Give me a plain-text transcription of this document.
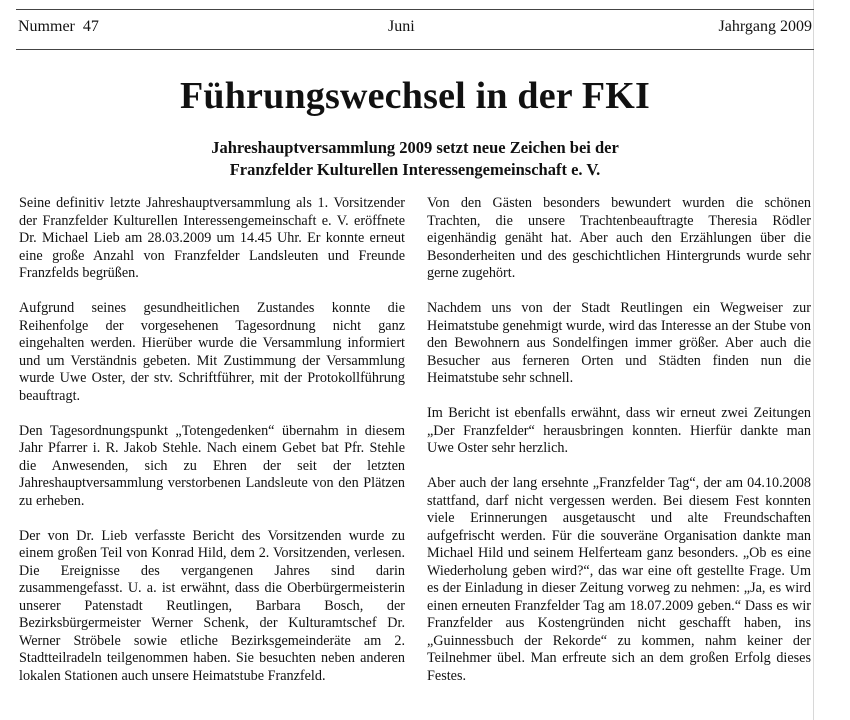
Nummer  47	Juni	Jahrgang 2009
Führungswechsel in der FKI
Jahreshauptversammlung 2009 setzt neue Zeichen bei der
Franzfelder Kulturellen Interessengemeinschaft e. V.

Seine definitiv letzte Jahreshauptversammlung als 1. Vorsitzender der Franzfelder Kulturellen Interessengemeinschaft e. V. eröffnete Dr. Michael Lieb am 28.03.2009 um 14.45 Uhr. Er konnte erneut eine große Anzahl von Franzfelder Landsleuten und Freunde Franzfelds begrüßen.

Aufgrund seines gesundheitlichen Zustandes konnte die Reihenfolge der vorgesehenen Tagesordnung nicht ganz eingehalten werden. Hierüber wurde die Versammlung informiert und um Verständnis gebeten. Mit Zustimmung der Versammlung wurde Uwe Oster, der stv. Schriftführer, mit der Protokollführung beauftragt.

Den Tagesordnungspunkt „Totengedenken“ übernahm in diesem Jahr Pfarrer i. R. Jakob Stehle. Nach einem Gebet bat Pfr. Stehle die Anwesenden, sich zu Ehren der seit der letzten Jahreshauptversammlung verstorbenen Landsleute von den Plätzen zu erheben.

Der von Dr. Lieb verfasste Bericht des Vorsitzenden wurde zu einem großen Teil von Konrad Hild, dem 2. Vorsitzenden, verlesen. Die Ereignisse des vergangenen Jahres sind darin zusammengefasst. U. a. ist erwähnt, dass die Oberbürgermeisterin unserer Patenstadt Reutlingen, Barbara Bosch, der Bezirksbürgermeister Werner Schenk, der Kulturamtschef Dr. Werner Ströbele sowie etliche Bezirksgemeinderäte am 2. Stadtteilradeln teilgenommen haben. Sie besuchten neben anderen lokalen Stationen auch unsere Heimatstube Franzfeld.

Von den Gästen besonders bewundert wurden die schönen Trachten, die unsere Trachtenbeauftragte Theresia Rödler eigenhändig genäht hat. Aber auch den Erzählungen über die Besonderheiten und des geschichtlichen Hintergrunds wurde sehr gerne zugehört.

Nachdem uns von der Stadt Reutlingen ein Wegweiser zur Heimatstube genehmigt wurde, wird das Interesse an der Stube von den Bewohnern aus Sondelfingen immer größer. Aber auch die Besucher aus ferneren Orten und Städten finden nun die Heimatstube sehr schnell.

Im Bericht ist ebenfalls erwähnt, dass wir erneut zwei Zeitungen „Der Franzfelder“ herausbringen konnten. Hierfür dankte man Uwe Oster sehr herzlich.

Aber auch der lang ersehnte „Franzfelder Tag“, der am 04.10.2008 stattfand, darf nicht vergessen werden. Bei diesem Fest konnten viele Erinnerungen ausgetauscht und alte Freundschaften aufgefrischt werden. Für die souveräne Organisation dankte man Michael Hild und seinem Helferteam ganz besonders. „Ob es eine Wiederholung geben wird?“, das war eine oft gestellte Frage. Um es der Einladung in dieser Zeitung vorweg zu nehmen: „Ja, es wird einen erneuten Franzfelder Tag am 18.07.2009 geben.“ Dass es wir Franzfelder aus Kostengründen nicht geschafft haben, ins „Guinnessbuch der Rekorde“ zu kommen, nahm keiner der Teilnehmer übel. Man erfreute sich an dem großen Erfolg dieses Festes.
